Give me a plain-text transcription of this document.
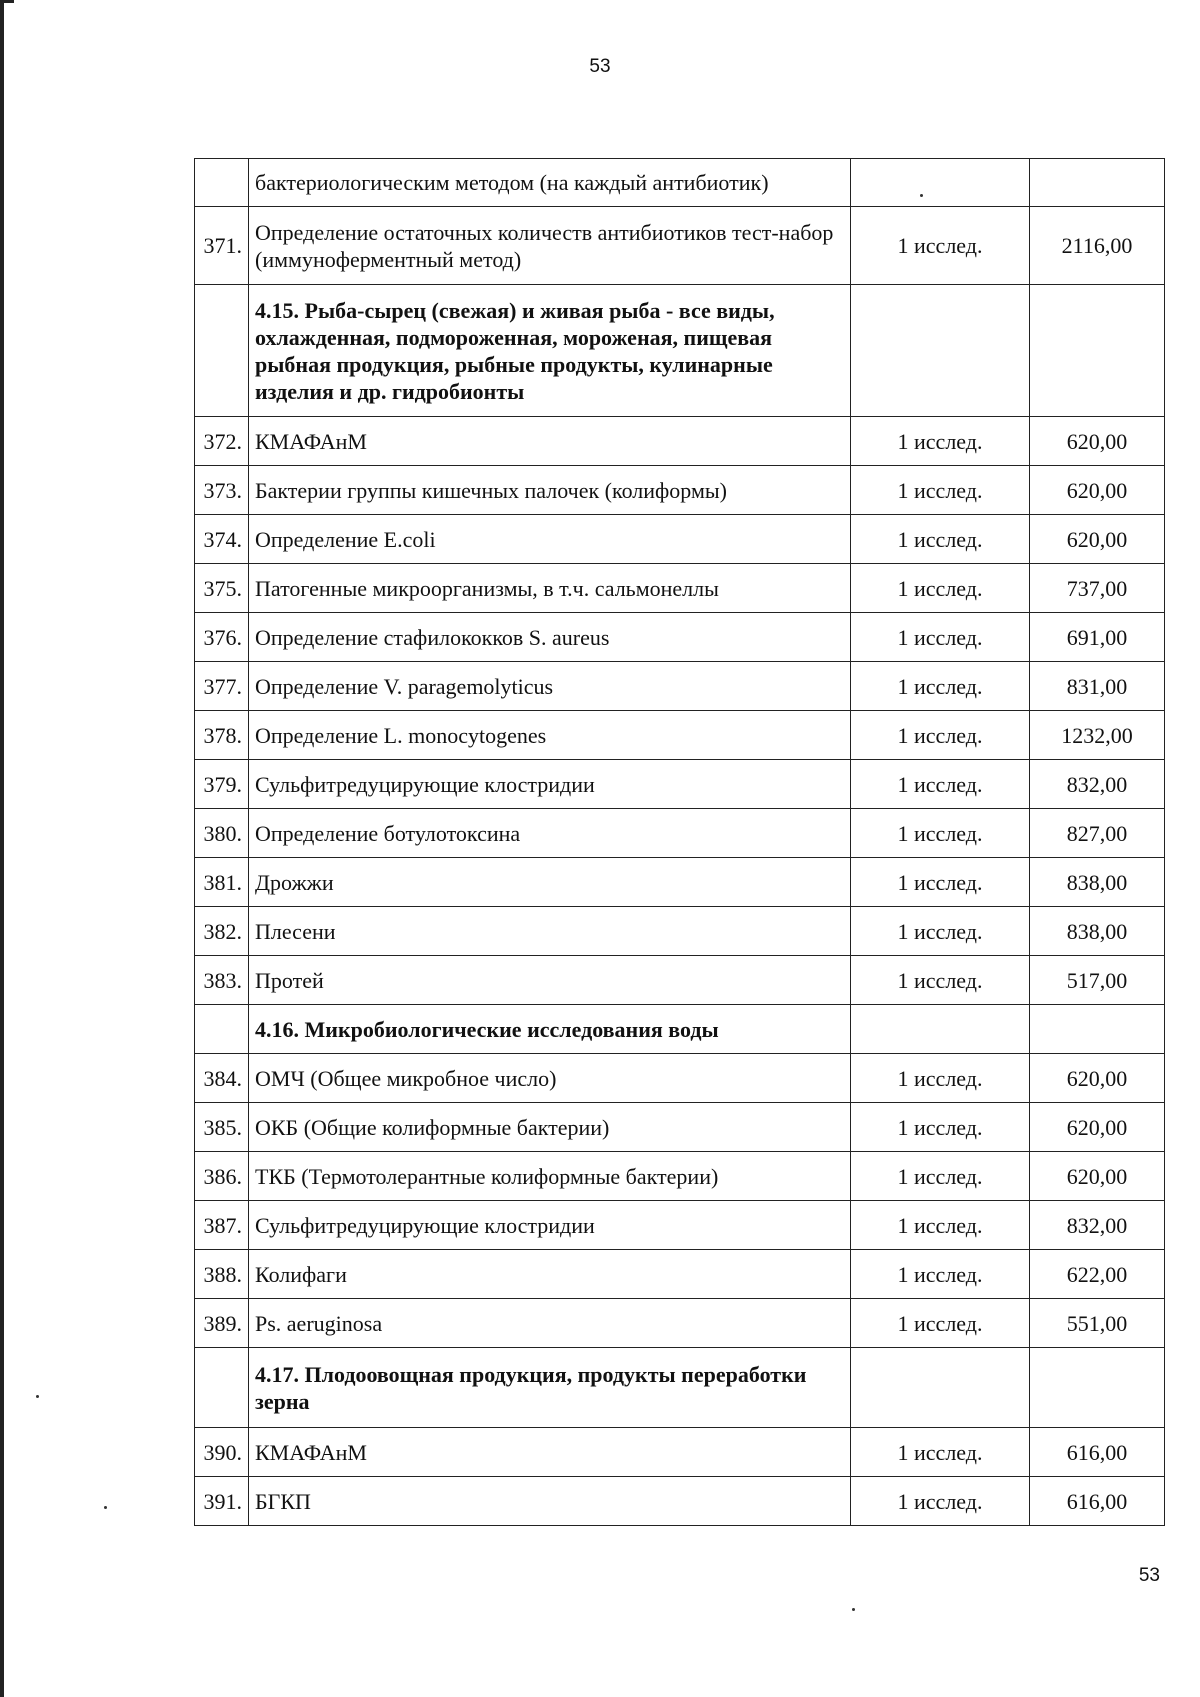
53
	бактериологическим методом (на каждый антибиотик)		
371.	Определение остаточных количеств антибиотиков тест-набор (иммуноферментный метод)	1 исслед.	2116,00
	4.15. Рыба-сырец (свежая) и живая рыба - все виды, охлажденная, подмороженная, мороженая, пищевая рыбная продукция, рыбные продукты, кулинарные изделия и др. гидробионты		
372.	КМАФАнМ	1 исслед.	620,00
373.	Бактерии группы кишечных палочек (колиформы)	1 исслед.	620,00
374.	Определение E.coli	1 исслед.	620,00
375.	Патогенные микроорганизмы, в т.ч. сальмонеллы	1 исслед.	737,00
376.	Определение стафилококков S. aureus	1 исслед.	691,00
377.	Определение V. paragemolyticus	1 исслед.	831,00
378.	Определение L. monocytogenes	1 исслед.	1232,00
379.	Сульфитредуцирующие клостридии	1 исслед.	832,00
380.	Определение ботулотоксина	1 исслед.	827,00
381.	Дрожжи	1 исслед.	838,00
382.	Плесени	1 исслед.	838,00
383.	Протей	1 исслед.	517,00
	4.16. Микробиологические исследования воды		
384.	ОМЧ (Общее микробное число)	1 исслед.	620,00
385.	ОКБ (Общие колиформные бактерии)	1 исслед.	620,00
386.	ТКБ (Термотолерантные колиформные бактерии)	1 исслед.	620,00
387.	Сульфитредуцирующие клостридии	1 исслед.	832,00
388.	Колифаги	1 исслед.	622,00
389.	Ps. aeruginosa	1 исслед.	551,00
	4.17. Плодоовощная продукция, продукты переработки зерна		
390.	КМАФАнМ	1 исслед.	616,00
391.	БГКП	1 исслед.	616,00
53
